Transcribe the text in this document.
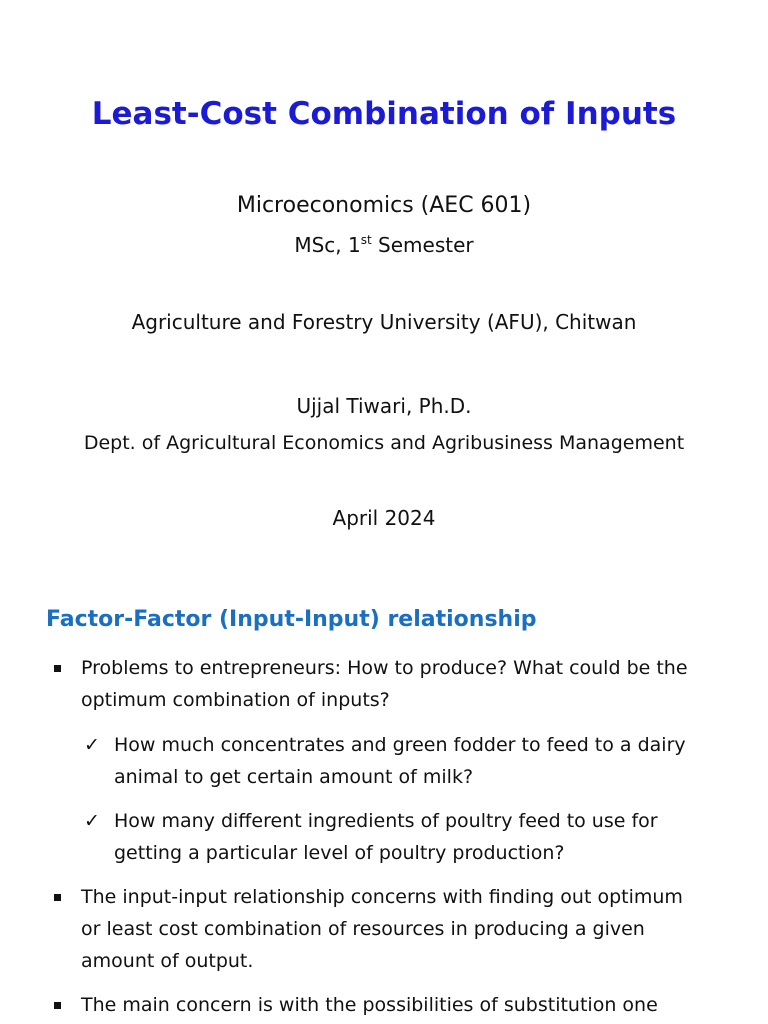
Least-Cost Combination of Inputs
Microeconomics (AEC 601)
MSc, 1st Semester
Agriculture and Forestry University (AFU), Chitwan
Ujjal Tiwari, Ph.D.
Dept. of Agricultural Economics and Agribusiness Management
April 2024
Factor-Factor (Input-Input) relationship
Problems to entrepreneurs: How to produce? What could be the
optimum combination of inputs?
✓ How much concentrates and green fodder to feed to a dairy
animal to get certain amount of milk?
✓ How many different ingredients of poultry feed to use for
getting a particular level of poultry production?
The input-input relationship concerns with finding out optimum
or least cost combination of resources in producing a given
amount of output.
The main concern is with the possibilities of substitution one
